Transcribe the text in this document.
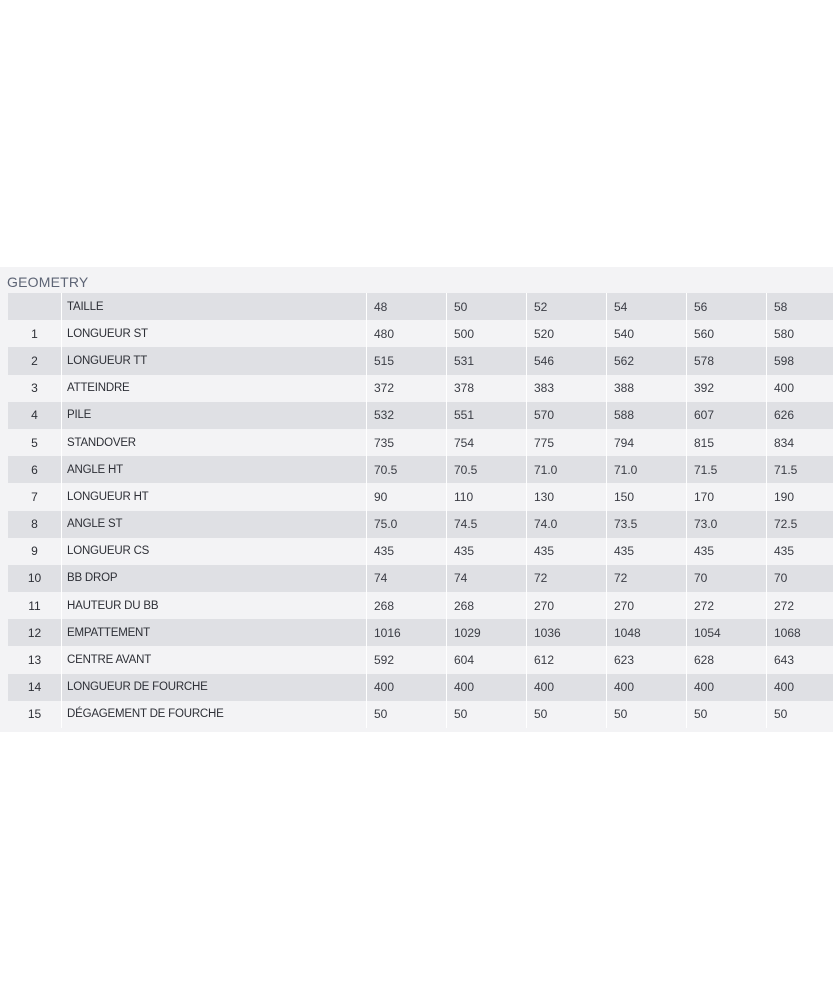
GEOMETRY
	TAILLE	48	50	52	54	56	58
1	LONGUEUR ST	480	500	520	540	560	580
2	LONGUEUR TT	515	531	546	562	578	598
3	ATTEINDRE	372	378	383	388	392	400
4	PILE	532	551	570	588	607	626
5	STANDOVER	735	754	775	794	815	834
6	ANGLE HT	70.5	70.5	71.0	71.0	71.5	71.5
7	LONGUEUR HT	90	110	130	150	170	190
8	ANGLE ST	75.0	74.5	74.0	73.5	73.0	72.5
9	LONGUEUR CS	435	435	435	435	435	435
10	BB DROP	74	74	72	72	70	70
11	HAUTEUR DU BB	268	268	270	270	272	272
12	EMPATTEMENT	1016	1029	1036	1048	1054	1068
13	CENTRE AVANT	592	604	612	623	628	643
14	LONGUEUR DE FOURCHE	400	400	400	400	400	400
15	DÉGAGEMENT DE FOURCHE	50	50	50	50	50	50
